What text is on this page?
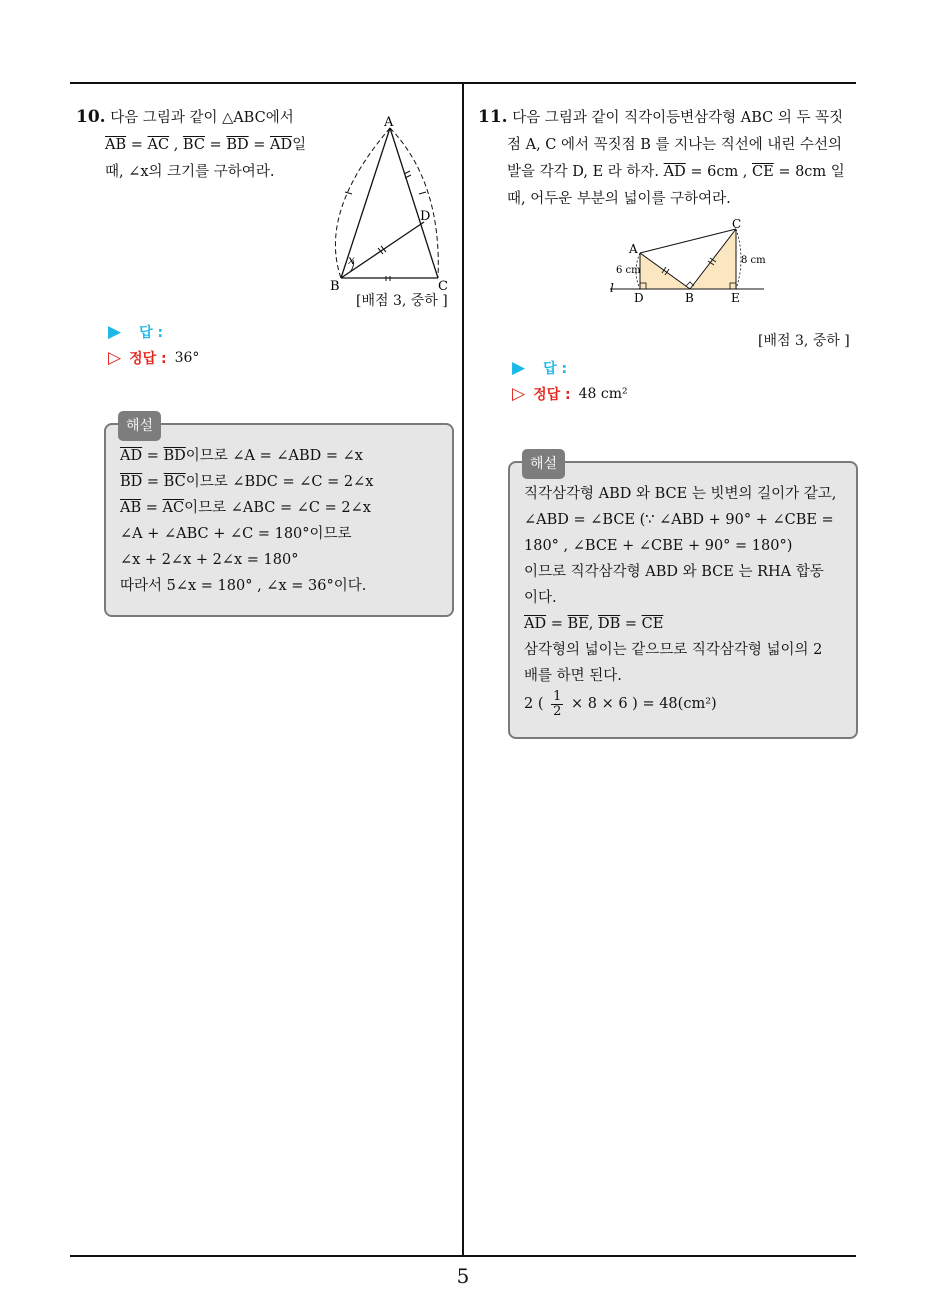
10. 다음 그림과 같이 △ABC에서
$\overline{AB} = \overline{AC}$ , $\overline{BC} = \overline{BD} = \overline{AD}$일
때, ∠x의 크기를 구하여라.
A
B	C
D
x
[배점 3, 중하 ]
▶ 답 :
▷ 정답 : 36°
해설
$\overline{AD} = \overline{BD}$이므로 ∠A = ∠ABD = ∠x
$\overline{BD} = \overline{BC}$이므로 ∠BDC = ∠C = 2∠x
$\overline{AB} = \overline{AC}$이므로 ∠ABC = ∠C = 2∠x
∠A + ∠ABC + ∠C = 180°이므로
∠x + 2∠x + 2∠x = 180°
따라서 5∠x = 180° , ∠x = 36°이다.
11. 다음 그림과 같이 직각이등변삼각형 ABC 의 두 꼭짓
점 A, C 에서 꼭짓점 B 를 지나는 직선에 내린 수선의
발을 각각 D, E 라 하자. $\overline{AD} = 6cm$ , $\overline{CE} = 8cm$ 일
때, 어두운 부분의 넓이를 구하여라.
A
C
D	B	E
l
6 cm
8 cm
[배점 3, 중하 ]
▶ 답 :
▷ 정답 : 48 cm²
해설
직각삼각형 ABD 와 BCE 는 빗변의 길이가 같고,
∠ABD = ∠BCE (∵ ∠ABD + 90° + ∠CBE =
180° , ∠BCE + ∠CBE + 90° = 180°)
이므로 직각삼각형 ABD 와 BCE 는 RHA 합동
이다.
$\overline{AD} = \overline{BE}$, $\overline{DB} = \overline{CE}$
삼각형의 넓이는 같으므로 직각삼각형 넓이의 2
배를 하면 된다.
2 ( $\frac{1}{2} \times 8 \times 6$ ) = 48(cm²)
5
